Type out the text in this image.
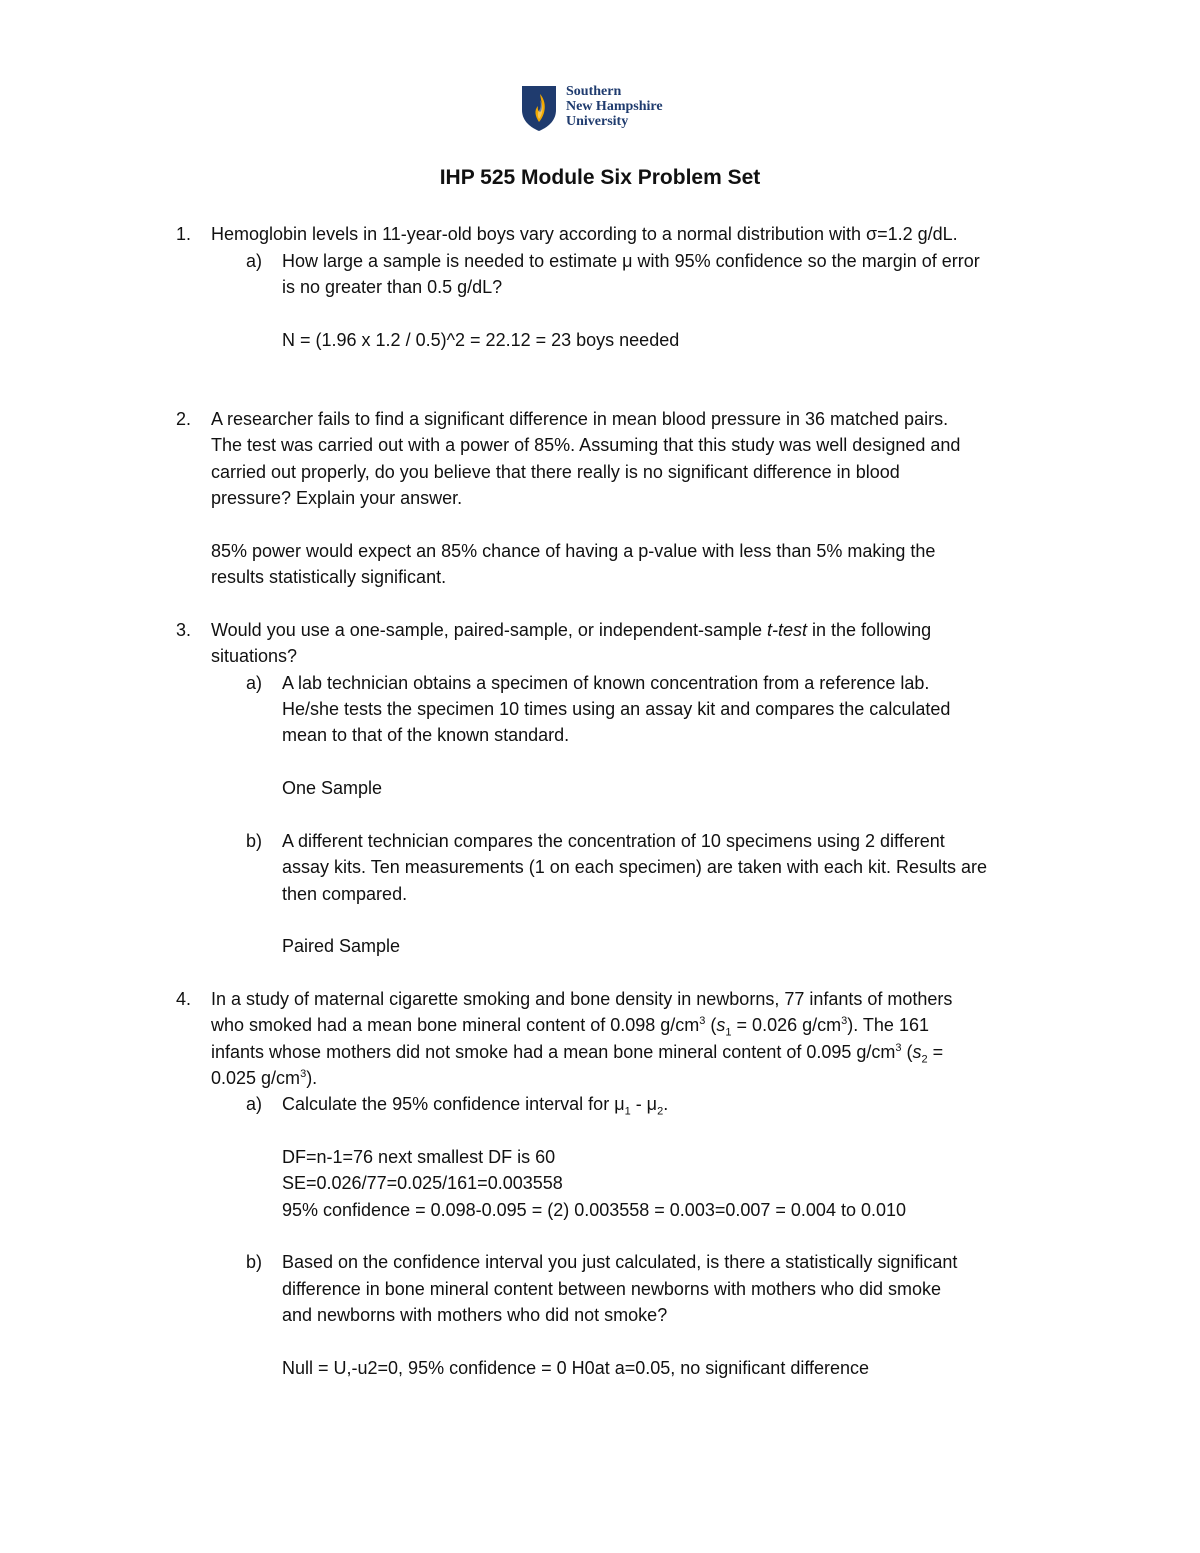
Southern
New Hampshire
University
IHP 525 Module Six Problem Set
1. Hemoglobin levels in 11-year-old boys vary according to a normal distribution with σ=1.2 g/dL.
a) How large a sample is needed to estimate μ with 95% confidence so the margin of error
is no greater than 0.5 g/dL?
N = (1.96 x 1.2 / 0.5)^2 = 22.12 = 23 boys needed
2. A researcher fails to find a significant difference in mean blood pressure in 36 matched pairs.
The test was carried out with a power of 85%. Assuming that this study was well designed and
carried out properly, do you believe that there really is no significant difference in blood
pressure? Explain your answer.
85% power would expect an 85% chance of having a p-value with less than 5% making the
results statistically significant.
3. Would you use a one-sample, paired-sample, or independent-sample t-test in the following
situations?
a) A lab technician obtains a specimen of known concentration from a reference lab.
He/she tests the specimen 10 times using an assay kit and compares the calculated
mean to that of the known standard.
One Sample
b) A different technician compares the concentration of 10 specimens using 2 different
assay kits. Ten measurements (1 on each specimen) are taken with each kit. Results are
then compared.
Paired Sample
4. In a study of maternal cigarette smoking and bone density in newborns, 77 infants of mothers
who smoked had a mean bone mineral content of 0.098 $g/cm^3$ ($s_1 = 0.026$ $g/cm^3$). The 161
infants whose mothers did not smoke had a mean bone mineral content of 0.095 $g/cm^3$ ($s_2$ =
0.025 $g/cm^3$).
a) Calculate the 95% confidence interval for $\mu_1 - \mu_2$.
DF=n-1=76 next smallest DF is 60
SE=0.026/77=0.025/161=0.003558
95% confidence = 0.098-0.095 = (2) 0.003558 = 0.003=0.007 = 0.004 to 0.010
b) Based on the confidence interval you just calculated, is there a statistically significant
difference in bone mineral content between newborns with mothers who did smoke
and newborns with mothers who did not smoke?
Null = U,-u2=0, 95% confidence = 0 H0at a=0.05, no significant difference
